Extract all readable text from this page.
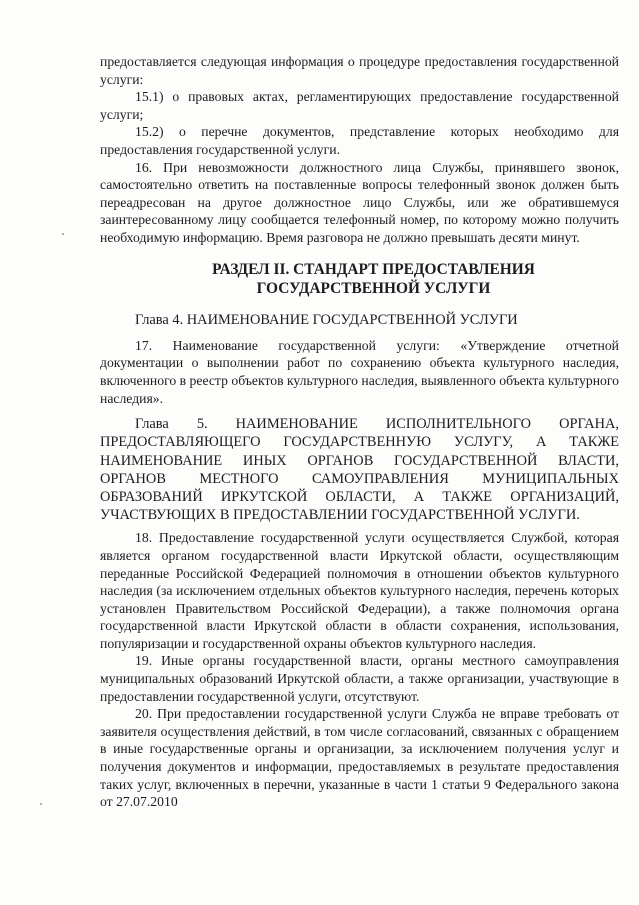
предоставляется следующая информация о процедуре предоставления государственной услуги:

15.1) о правовых актах, регламентирующих предоставление государственной услуги;

15.2) о перечне документов, представление которых необходимо для предоставления государственной услуги.

16. При невозможности должностного лица Службы, принявшего звонок, самостоятельно ответить на поставленные вопросы телефонный звонок должен быть переадресован на другое должностное лицо Службы, или же обратившемуся заинтересованному лицу сообщается телефонный номер, по которому можно получить необходимую информацию. Время разговора не должно превышать десяти минут.

РАЗДЕЛ II. СТАНДАРТ ПРЕДОСТАВЛЕНИЯ
ГОСУДАРСТВЕННОЙ УСЛУГИ

Глава 4. НАИМЕНОВАНИЕ ГОСУДАРСТВЕННОЙ УСЛУГИ

17. Наименование государственной услуги: «Утверждение отчетной документации о выполнении работ по сохранению объекта культурного наследия, включенного в реестр объектов культурного наследия, выявленного объекта культурного наследия».

Глава 5. НАИМЕНОВАНИЕ ИСПОЛНИТЕЛЬНОГО ОРГАНА, ПРЕДОСТАВЛЯЮЩЕГО ГОСУДАРСТВЕННУЮ УСЛУГУ, А ТАКЖЕ НАИМЕНОВАНИЕ ИНЫХ ОРГАНОВ ГОСУДАРСТВЕННОЙ ВЛАСТИ, ОРГАНОВ МЕСТНОГО САМОУПРАВЛЕНИЯ МУНИЦИПАЛЬНЫХ ОБРАЗОВАНИЙ ИРКУТСКОЙ ОБЛАСТИ, А ТАКЖЕ ОРГАНИЗАЦИЙ, УЧАСТВУЮЩИХ В ПРЕДОСТАВЛЕНИИ ГОСУДАРСТВЕННОЙ УСЛУГИ.

18. Предоставление государственной услуги осуществляется Службой, которая является органом государственной власти Иркутской области, осуществляющим переданные Российской Федерацией полномочия в отношении объектов культурного наследия (за исключением отдельных объектов культурного наследия, перечень которых установлен Правительством Российской Федерации), а также полномочия органа государственной власти Иркутской области в области сохранения, использования, популяризации и государственной охраны объектов культурного наследия.

19. Иные органы государственной власти, органы местного самоуправления муниципальных образований Иркутской области, а также организации, участвующие в предоставлении государственной услуги, отсутствуют.

20. При предоставлении государственной услуги Служба не вправе требовать от заявителя осуществления действий, в том числе согласований, связанных с обращением в иные государственные органы и организации, за исключением получения услуг и получения документов и информации, предоставляемых в результате предоставления таких услуг, включенных в перечни, указанные в части 1 статьи 9 Федерального закона от 27.07.2010
